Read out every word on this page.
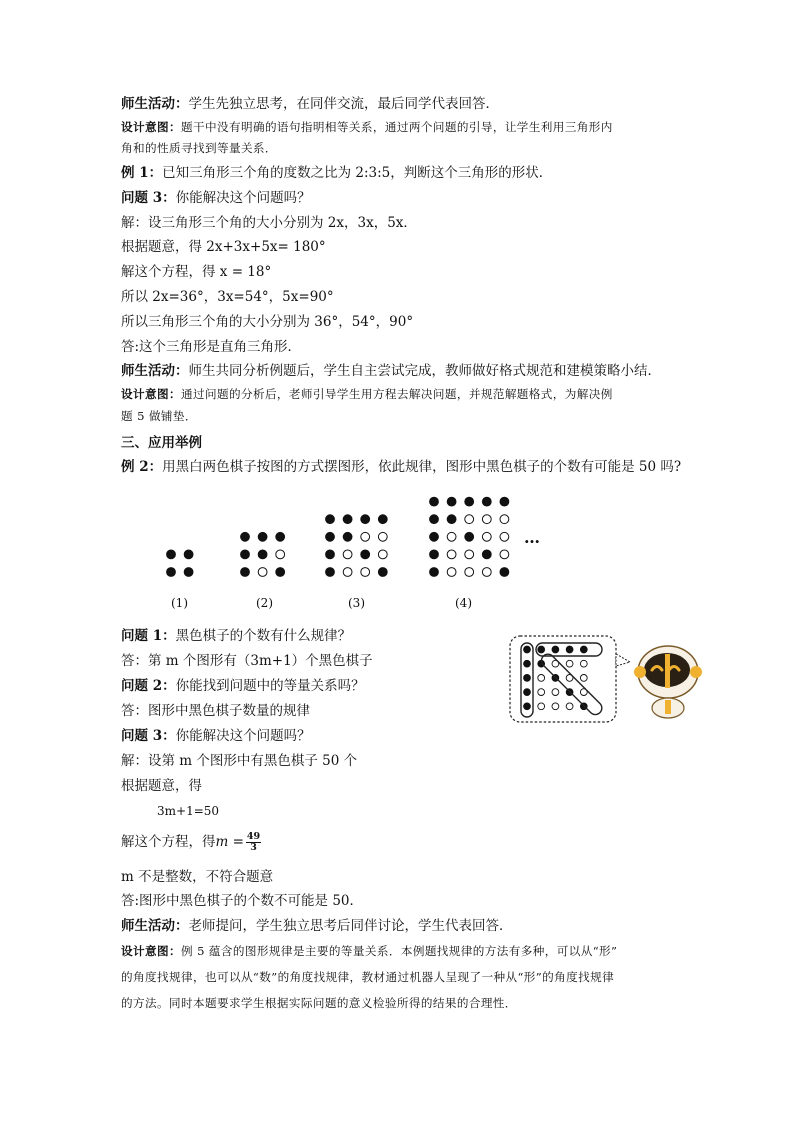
师生活动：学生先独立思考，在同伴交流，最后同学代表回答．
设计意图：题干中没有明确的语句指明相等关系，通过两个问题的引导，让学生利用三角形内
角和的性质寻找到等量关系．
例 1：已知三角形三个角的度数之比为 2:3:5，判断这个三角形的形状．
问题 3：你能解决这个问题吗？
解：设三角形三个角的大小分别为 2x，3x，5x．
根据题意，得 2x+3x+5x= 180°
解这个方程，得 x = 18°
所以 2x=36°，3x=54°，5x=90°
所以三角形三个角的大小分别为 36°，54°，90°
答:这个三角形是直角三角形．
师生活动：师生共同分析例题后，学生自主尝试完成，教师做好格式规范和建模策略小结．
设计意图：通过问题的分析后，老师引导学生用方程去解决问题，并规范解题格式，为解决例
题 5 做铺垫．
三、应用举例
例 2：用黑白两色棋子按图的方式摆图形，依此规律，图形中黑色棋子的个数有可能是 50 吗?
(1)	(2)	(3)	(4)
…
问题 1：黑色棋子的个数有什么规律？
答：第 m 个图形有（3m+1）个黑色棋子
问题 2：你能找到问题中的等量关系吗？
答：图形中黑色棋子数量的规律
问题 3：你能解决这个问题吗？
解：设第 m 个图形中有黑色棋子 50 个
根据题意，得
3m+1=50
解这个方程，得$m = \frac{49}{3}$
m 不是整数，不符合题意
答:图形中黑色棋子的个数不可能是 50．
师生活动：老师提问，学生独立思考后同伴讨论，学生代表回答．
设计意图：例 5 蕴含的图形规律是主要的等量关系．本例题找规律的方法有多种，可以从“形”
的角度找规律，也可以从“数”的角度找规律，教材通过机器人呈现了一种从“形”的角度找规律
的方法。同时本题要求学生根据实际问题的意义检验所得的结果的合理性．
